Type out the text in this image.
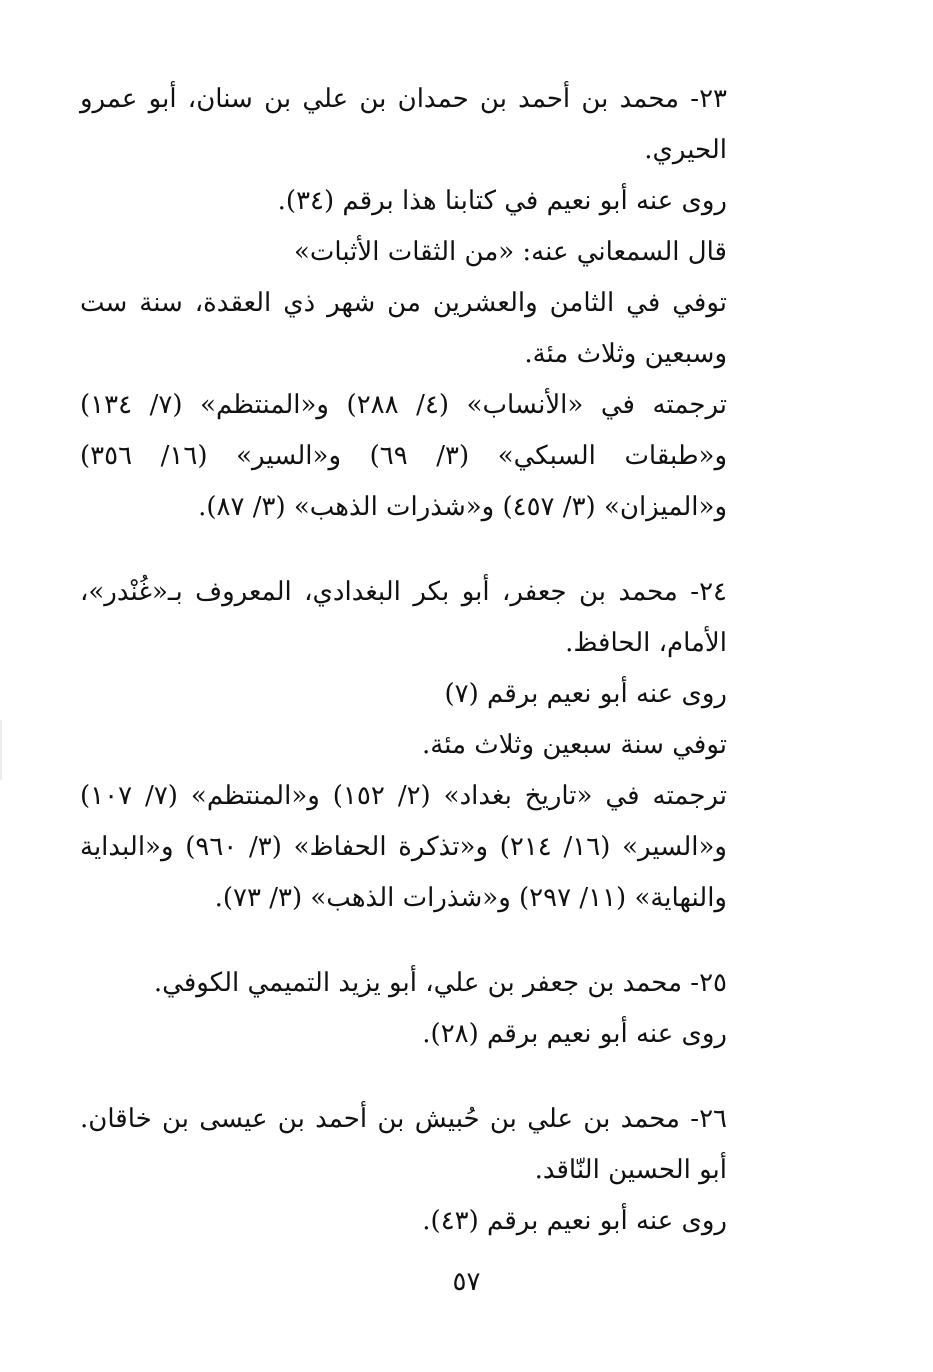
٢٣- محمد بن أحمد بن حمدان بن علي بن سنان، أبو عمرو الحيري.

روى عنه أبو نعيم في كتابنا هذا برقم (٣٤).

قال السمعاني عنه: «من الثقات الأثبات»

توفي في الثامن والعشرين من شهر ذي العقدة، سنة ست وسبعين وثلاث مئة.

ترجمته في «الأنساب» (٤/ ٢٨٨) و«المنتظم» (٧/ ١٣٤) و«طبقات السبكي» (٣/ ٦٩) و«السير» (١٦/ ٣٥٦) و«الميزان» (٣/ ٤٥٧) و«شذرات الذهب» (٣/ ٨٧).

٢٤- محمد بن جعفر، أبو بكر البغدادي، المعروف بـ«غُنْدر»، الأمام، الحافظ.

روى عنه أبو نعيم برقم (٧)

توفي سنة سبعين وثلاث مئة.

ترجمته في «تاريخ بغداد» (٢/ ١٥٢) و«المنتظم» (٧/ ١٠٧) و«السير» (١٦/ ٢١٤) و«تذكرة الحفاظ» (٣/ ٩٦٠) و«البداية والنهاية» (١١/ ٢٩٧) و«شذرات الذهب» (٣/ ٧٣).

٢٥- محمد بن جعفر بن علي، أبو يزيد التميمي الكوفي.

روى عنه أبو نعيم برقم (٢٨).

٢٦- محمد بن علي بن حُبيش بن أحمد بن عيسى بن خاقان. أبو الحسين النّاقد.

روى عنه أبو نعيم برقم (٤٣).

٥٧
